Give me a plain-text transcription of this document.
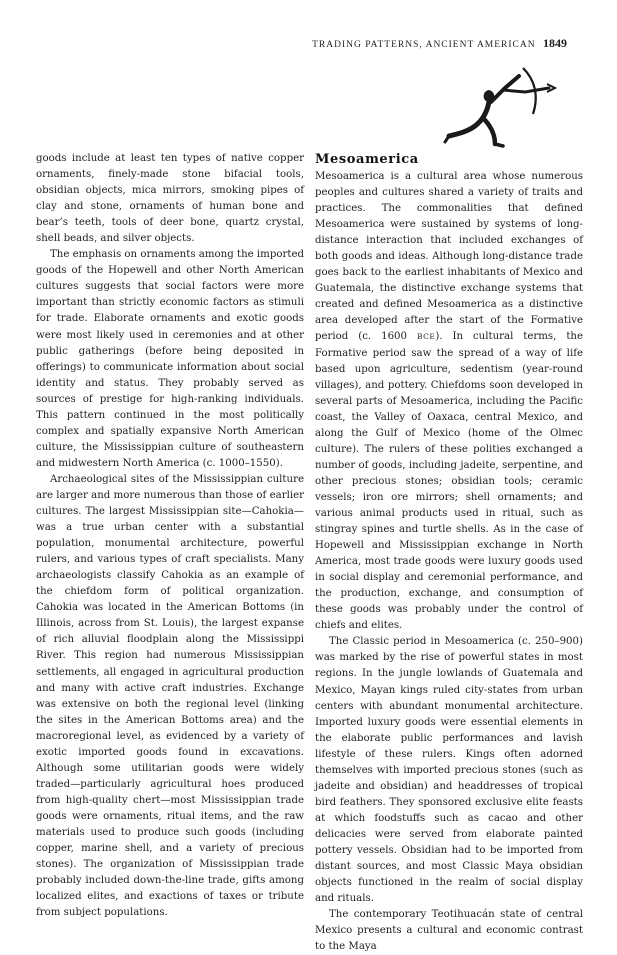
TRADING PATTERNS, ANCIENT AMERICAN 1849

goods include at least ten types of native copper ornaments, finely-made stone bifacial tools, obsidian objects, mica mirrors, smoking pipes of clay and stone, ornaments of human bone and bear’s teeth, tools of deer bone, quartz crystal, shell beads, and silver objects.

The emphasis on ornaments among the imported goods of the Hopewell and other North American cultures suggests that social factors were more important than strictly economic factors as stimuli for trade. Elaborate ornaments and exotic goods were most likely used in ceremonies and at other public gatherings (before being deposited in offerings) to communicate information about social identity and status. They probably served as sources of prestige for high-ranking individuals. This pattern continued in the most politically complex and spatially expansive North American culture, the Mississippian culture of southeastern and midwestern North America (c. 1000–1550).

Archaeological sites of the Mississippian culture are larger and more numerous than those of earlier cultures. The largest Mississippian site—Cahokia—was a true urban center with a substantial population, monumental architecture, powerful rulers, and various types of craft specialists. Many archaeologists classify Cahokia as an example of the chiefdom form of political organization. Cahokia was located in the American Bottoms (in Illinois, across from St. Louis), the largest expanse of rich alluvial floodplain along the Mississippi River. This region had numerous Mississippian settlements, all engaged in agricultural production and many with active craft industries. Exchange was extensive on both the regional level (linking the sites in the American Bottoms area) and the macroregional level, as evidenced by a variety of exotic imported goods found in excavations. Although some utilitarian goods were widely traded—particularly agricultural hoes produced from high-quality chert—most Mississippian trade goods were ornaments, ritual items, and the raw materials used to produce such goods (including copper, marine shell, and a variety of precious stones). The organization of Mississippian trade probably included down-the-line trade, gifts among localized elites, and exactions of taxes or tribute from subject populations.

Mesoamerica

Mesoamerica is a cultural area whose numerous peoples and cultures shared a variety of traits and practices. The commonalities that defined Mesoamerica were sustained by systems of long-distance interaction that included exchanges of both goods and ideas. Although long-distance trade goes back to the earliest inhabitants of Mexico and Guatemala, the distinctive exchange systems that created and defined Mesoamerica as a distinctive area developed after the start of the Formative period (c. 1600 BCE). In cultural terms, the Formative period saw the spread of a way of life based upon agriculture, sedentism (year-round villages), and pottery. Chiefdoms soon developed in several parts of Mesoamerica, including the Pacific coast, the Valley of Oaxaca, central Mexico, and along the Gulf of Mexico (home of the Olmec culture). The rulers of these polities exchanged a number of goods, including jadeite, serpentine, and other precious stones; obsidian tools; ceramic vessels; iron ore mirrors; shell ornaments; and various animal products used in ritual, such as stingray spines and turtle shells. As in the case of Hopewell and Mississippian exchange in North America, most trade goods were luxury goods used in social display and ceremonial performance, and the production, exchange, and consumption of these goods was probably under the control of chiefs and elites.

The Classic period in Mesoamerica (c. 250–900) was marked by the rise of powerful states in most regions. In the jungle lowlands of Guatemala and Mexico, Mayan kings ruled city-states from urban centers with abundant monumental architecture. Imported luxury goods were essential elements in the elaborate public performances and lavish lifestyle of these rulers. Kings often adorned themselves with imported precious stones (such as jadeite and obsidian) and headdresses of tropical bird feathers. They sponsored exclusive elite feasts at which foodstuffs such as cacao and other delicacies were served from elaborate painted pottery vessels. Obsidian had to be imported from distant sources, and most Classic Maya obsidian objects functioned in the realm of social display and rituals.

The contemporary Teotihuacán state of central Mexico presents a cultural and economic contrast to the Maya
